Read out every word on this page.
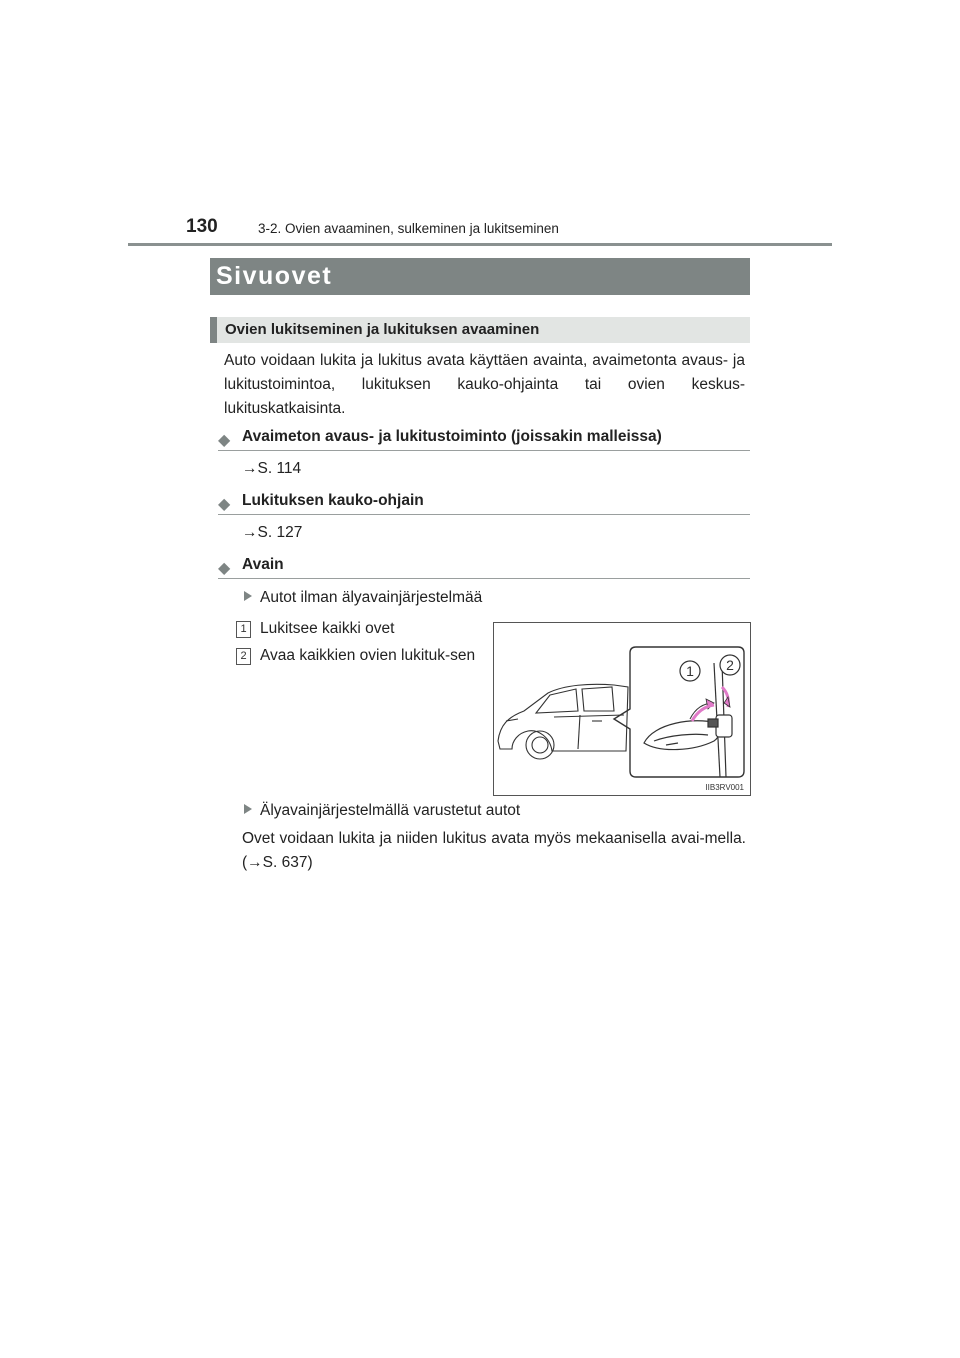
130	3-2. Ovien avaaminen, sulkeminen ja lukitseminen
Sivuovet
Ovien lukitseminen ja lukituksen avaaminen
Auto voidaan lukita ja lukitus avata käyttäen avainta, avaimetonta avaus- ja lukitustoimintoa, lukituksen kauko-ohjainta tai ovien keskus-lukituskatkaisinta.
◆ Avaimeton avaus- ja lukitustoiminto (joissakin malleissa)
→S. 114
◆ Lukituksen kauko-ohjain
→S. 127
◆ Avain
Autot ilman älyavainjärjestelmää
1 Lukitsee kaikki ovet
2 Avaa kaikkien ovien lukituk-sen
1 2
IIB3RV001
Älyavainjärjestelmällä varustetut autot
Ovet voidaan lukita ja niiden lukitus avata myös mekaanisella avai-mella. (→S. 637)
